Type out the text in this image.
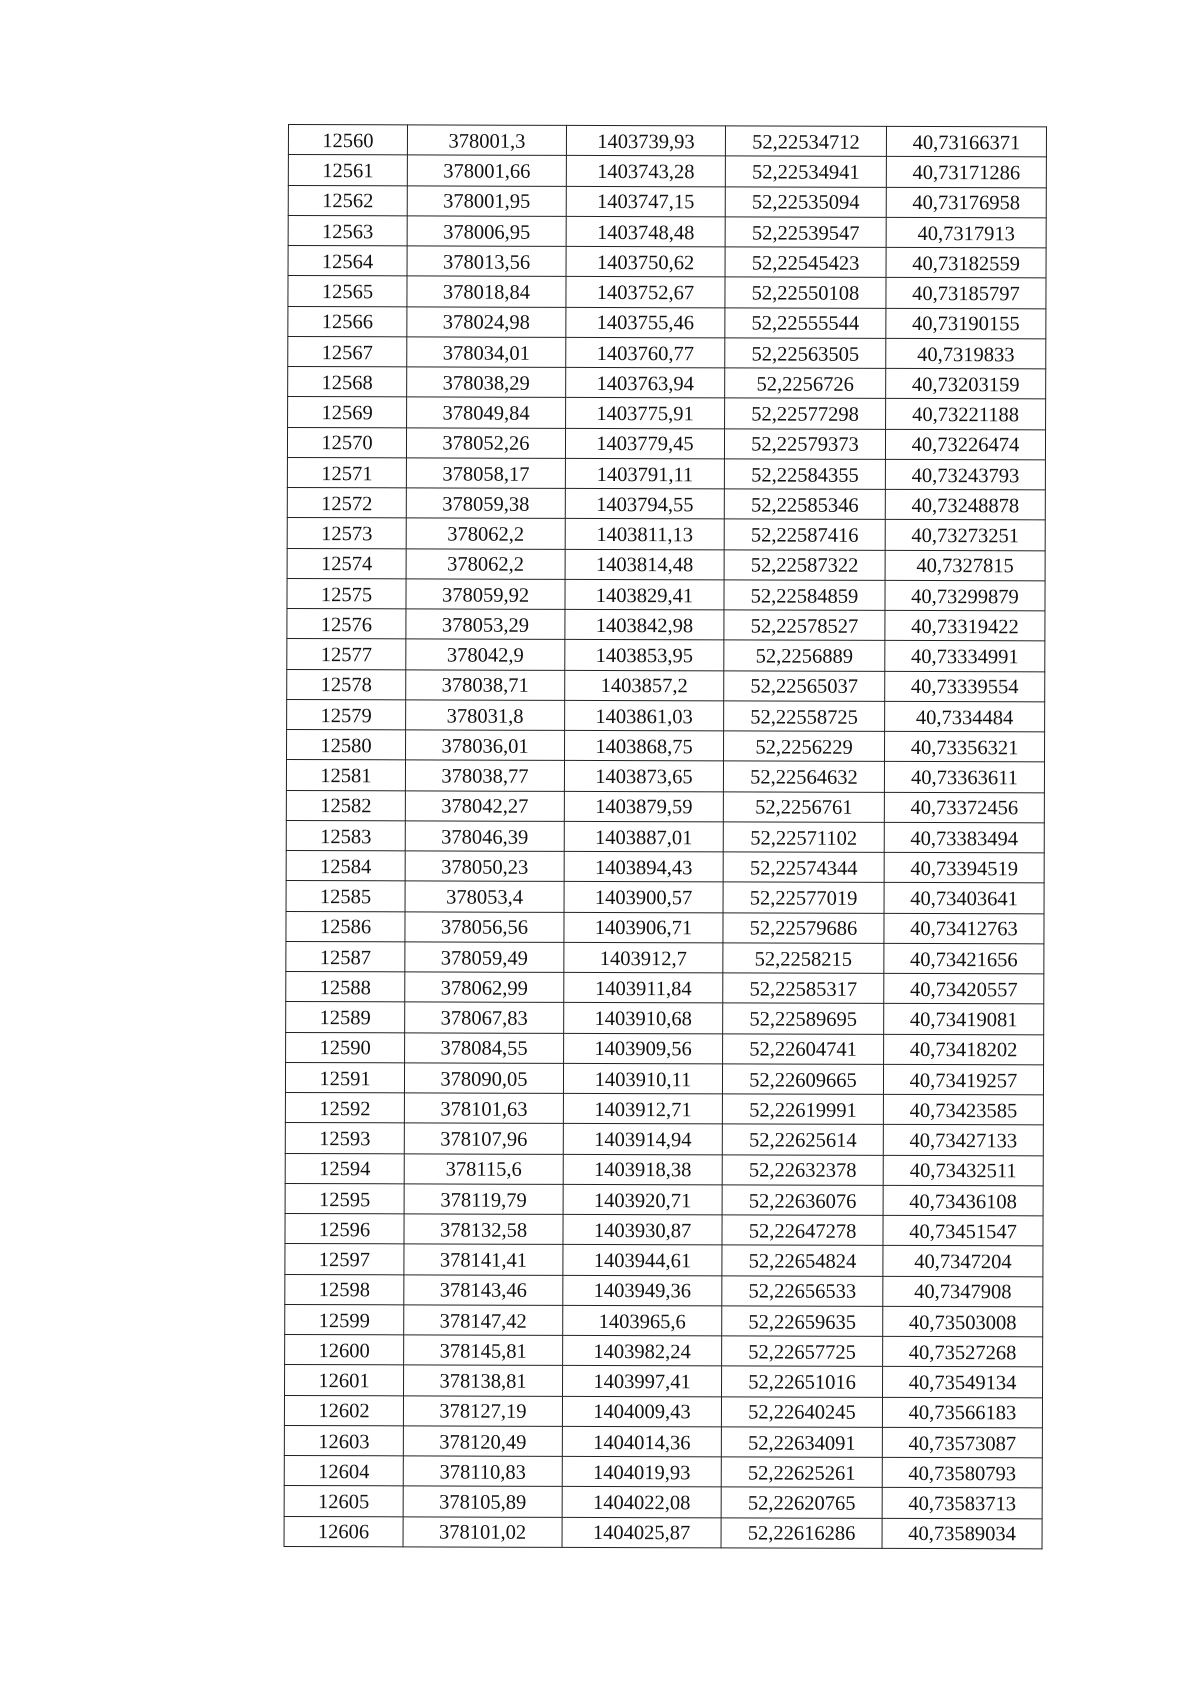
12560	378001,3	1403739,93	52,22534712	40,73166371
12561	378001,66	1403743,28	52,22534941	40,73171286
12562	378001,95	1403747,15	52,22535094	40,73176958
12563	378006,95	1403748,48	52,22539547	40,7317913
12564	378013,56	1403750,62	52,22545423	40,73182559
12565	378018,84	1403752,67	52,22550108	40,73185797
12566	378024,98	1403755,46	52,22555544	40,73190155
12567	378034,01	1403760,77	52,22563505	40,7319833
12568	378038,29	1403763,94	52,2256726	40,73203159
12569	378049,84	1403775,91	52,22577298	40,73221188
12570	378052,26	1403779,45	52,22579373	40,73226474
12571	378058,17	1403791,11	52,22584355	40,73243793
12572	378059,38	1403794,55	52,22585346	40,73248878
12573	378062,2	1403811,13	52,22587416	40,73273251
12574	378062,2	1403814,48	52,22587322	40,7327815
12575	378059,92	1403829,41	52,22584859	40,73299879
12576	378053,29	1403842,98	52,22578527	40,73319422
12577	378042,9	1403853,95	52,2256889	40,73334991
12578	378038,71	1403857,2	52,22565037	40,73339554
12579	378031,8	1403861,03	52,22558725	40,7334484
12580	378036,01	1403868,75	52,2256229	40,73356321
12581	378038,77	1403873,65	52,22564632	40,73363611
12582	378042,27	1403879,59	52,2256761	40,73372456
12583	378046,39	1403887,01	52,22571102	40,73383494
12584	378050,23	1403894,43	52,22574344	40,73394519
12585	378053,4	1403900,57	52,22577019	40,73403641
12586	378056,56	1403906,71	52,22579686	40,73412763
12587	378059,49	1403912,7	52,2258215	40,73421656
12588	378062,99	1403911,84	52,22585317	40,73420557
12589	378067,83	1403910,68	52,22589695	40,73419081
12590	378084,55	1403909,56	52,22604741	40,73418202
12591	378090,05	1403910,11	52,22609665	40,73419257
12592	378101,63	1403912,71	52,22619991	40,73423585
12593	378107,96	1403914,94	52,22625614	40,73427133
12594	378115,6	1403918,38	52,22632378	40,73432511
12595	378119,79	1403920,71	52,22636076	40,73436108
12596	378132,58	1403930,87	52,22647278	40,73451547
12597	378141,41	1403944,61	52,22654824	40,7347204
12598	378143,46	1403949,36	52,22656533	40,7347908
12599	378147,42	1403965,6	52,22659635	40,73503008
12600	378145,81	1403982,24	52,22657725	40,73527268
12601	378138,81	1403997,41	52,22651016	40,73549134
12602	378127,19	1404009,43	52,22640245	40,73566183
12603	378120,49	1404014,36	52,22634091	40,73573087
12604	378110,83	1404019,93	52,22625261	40,73580793
12605	378105,89	1404022,08	52,22620765	40,73583713
12606	378101,02	1404025,87	52,22616286	40,73589034
